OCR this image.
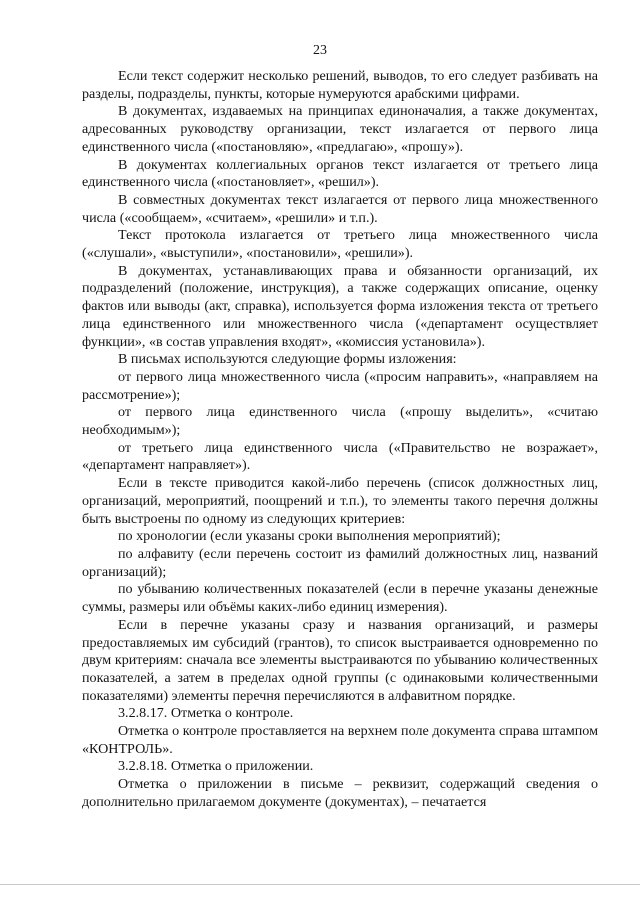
23

Если текст содержит несколько решений, выводов, то его следует разбивать на разделы, подразделы, пункты, которые нумеруются арабскими цифрами.

В документах, издаваемых на принципах единоначалия, а также документах, адресованных руководству организации, текст излагается от первого лица единственного числа («постановляю», «предлагаю», «прошу»).

В документах коллегиальных органов текст излагается от третьего лица единственного числа («постановляет», «решил»).

В совместных документах текст излагается от первого лица множественного числа («сообщаем», «считаем», «решили» и т.п.).

Текст протокола излагается от третьего лица множественного числа («слушали», «выступили», «постановили», «решили»).

В документах, устанавливающих права и обязанности организаций, их подразделений (положение, инструкция), а также содержащих описание, оценку фактов или выводы (акт, справка), используется форма изложения текста от третьего лица единственного или множественного числа («департамент осуществляет функции», «в состав управления входят», «комиссия установила»).

В письмах используются следующие формы изложения:

от первого лица множественного числа («просим направить», «направляем на рассмотрение»);

от первого лица единственного числа («прошу выделить», «считаю необходимым»);

от третьего лица единственного числа («Правительство не возражает», «департамент направляет»).

Если в тексте приводится какой-либо перечень (список должностных лиц, организаций, мероприятий, поощрений и т.п.), то элементы такого перечня должны быть выстроены по одному из следующих критериев:

по хронологии (если указаны сроки выполнения мероприятий);

по алфавиту (если перечень состоит из фамилий должностных лиц, названий организаций);

по убыванию количественных показателей (если в перечне указаны денежные суммы, размеры или объёмы каких-либо единиц измерения).

Если в перечне указаны сразу и названия организаций, и размеры предоставляемых им субсидий (грантов), то список выстраивается одновременно по двум критериям: сначала все элементы выстраиваются по убыванию количественных показателей, а затем в пределах одной группы (с одинаковыми количественными показателями) элементы перечня перечисляются в алфавитном порядке.

3.2.8.17. Отметка о контроле.

Отметка о контроле проставляется на верхнем поле документа справа штампом «КОНТРОЛЬ».

3.2.8.18. Отметка о приложении.

Отметка о приложении в письме – реквизит, содержащий сведения о дополнительно прилагаемом документе (документах), – печатается
